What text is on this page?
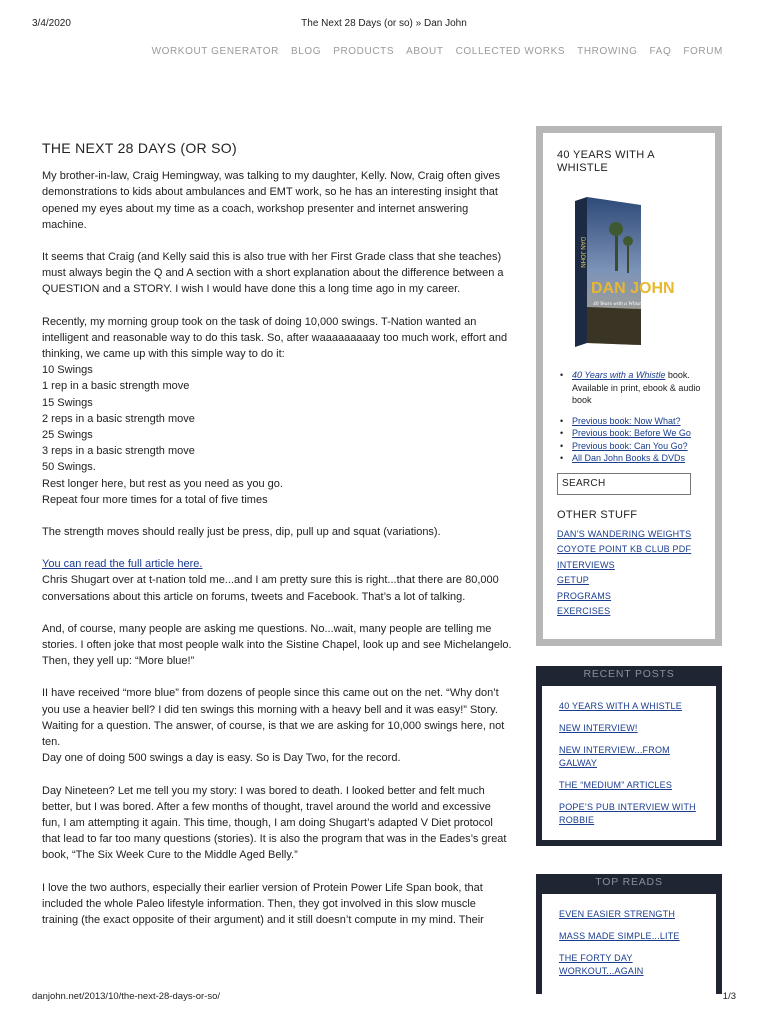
3/4/2020	The Next 28 Days (or so) » Dan John
WORKOUT GENERATOR BLOG PRODUCTS ABOUT COLLECTED WORKS THROWING FAQ FORUM
THE NEXT 28 DAYS (OR SO)

My brother-in-law, Craig Hemingway, was talking to my daughter, Kelly. Now, Craig often gives demonstrations to kids about ambulances and EMT work, so he has an interesting insight that opened my eyes about my time as a coach, workshop presenter and internet answering machine.

It seems that Craig (and Kelly said this is also true with her First Grade class that she teaches) must always begin the Q and A section with a short explanation about the difference between a QUESTION and a STORY. I wish I would have done this a long time ago in my career.

Recently, my morning group took on the task of doing 10,000 swings. T-Nation wanted an intelligent and reasonable way to do this task. So, after waaaaaaaaay too much work, effort and thinking, we came up with this simple way to do it:
10 Swings
1 rep in a basic strength move
15 Swings
2 reps in a basic strength move
25 Swings
3 reps in a basic strength move
50 Swings.
Rest longer here, but rest as you need as you go.
Repeat four more times for a total of five times

The strength moves should really just be press, dip, pull up and squat (variations).

You can read the full article here.
Chris Shugart over at t-nation told me...and I am pretty sure this is right...that there are 80,000 conversations about this article on forums, tweets and Facebook. That’s a lot of talking.

And, of course, many people are asking me questions. No...wait, many people are telling me stories. I often joke that most people walk into the Sistine Chapel, look up and see Michelangelo. Then, they yell up: “More blue!”

II have received “more blue” from dozens of people since this came out on the net. “Why don’t you use a heavier bell? I did ten swings this morning with a heavy bell and it was easy!” Story. Waiting for a question. The answer, of course, is that we are asking for 10,000 swings here, not ten.
Day one of doing 500 swings a day is easy. So is Day Two, for the record.

Day Nineteen? Let me tell you my story: I was bored to death. I looked better and felt much better, but I was bored. After a few months of thought, travel around the world and excessive fun, I am attempting it again. This time, though, I am doing Shugart’s adapted V Diet protocol that lead to far too many questions (stories). It is also the program that was in the Eades’s great book, “The Six Week Cure to the Middle Aged Belly.”

I love the two authors, especially their earlier version of Protein Power Life Span book, that included the whole Paleo lifestyle information. Then, they got involved in this slow muscle training (the exact opposite of their argument) and it still doesn’t compute in my mind. Their

40 YEARS WITH A WHISTLE
DAN JOHN
DAN JOHN
40 Years with a Whistle
• 40 Years with a Whistle book.
Available in print, ebook & audio book
• Previous book: Now What?
• Previous book: Before We Go
• Previous book: Can You Go?
• All Dan John Books & DVDs
SEARCH
OTHER STUFF
DAN’S WANDERING WEIGHTS
COYOTE POINT KB CLUB PDF
INTERVIEWS
GETUP
PROGRAMS
EXERCISES
RECENT POSTS
40 YEARS WITH A WHISTLE
NEW INTERVIEW!
NEW INTERVIEW...FROM GALWAY
THE “MEDIUM” ARTICLES
POPE’S PUB INTERVIEW WITH ROBBIE
TOP READS
EVEN EASIER STRENGTH
MASS MADE SIMPLE...LITE
THE FORTY DAY WORKOUT...AGAIN
danjohn.net/2013/10/the-next-28-days-or-so/	1/3
